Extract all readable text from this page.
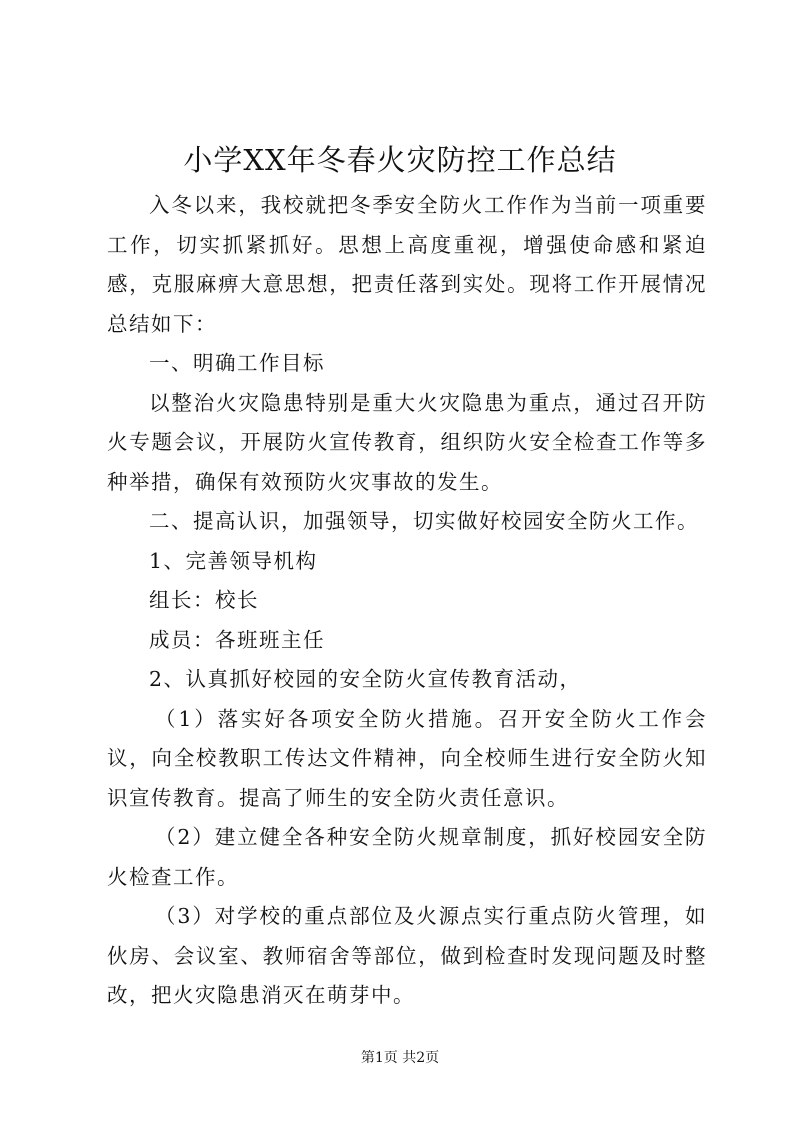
小学XX年冬春火灾防控工作总结

入冬以来，我校就把冬季安全防火工作作为当前一项重要工作，切实抓紧抓好。思想上高度重视，增强使命感和紧迫感，克服麻痹大意思想，把责任落到实处。现将工作开展情况总结如下：

一、明确工作目标

以整治火灾隐患特别是重大火灾隐患为重点，通过召开防火专题会议，开展防火宣传教育，组织防火安全检查工作等多种举措，确保有效预防火灾事故的发生。

二、提高认识，加强领导，切实做好校园安全防火工作。

1、完善领导机构

组长：校长

成员：各班班主任

2、认真抓好校园的安全防火宣传教育活动，

（1）落实好各项安全防火措施。召开安全防火工作会议，向全校教职工传达文件精神，向全校师生进行安全防火知识宣传教育。提高了师生的安全防火责任意识。

（2）建立健全各种安全防火规章制度，抓好校园安全防火检查工作。

（3）对学校的重点部位及火源点实行重点防火管理，如伙房、会议室、教师宿舍等部位，做到检查时发现问题及时整改，把火灾隐患消灭在萌芽中。

第1页 共2页
